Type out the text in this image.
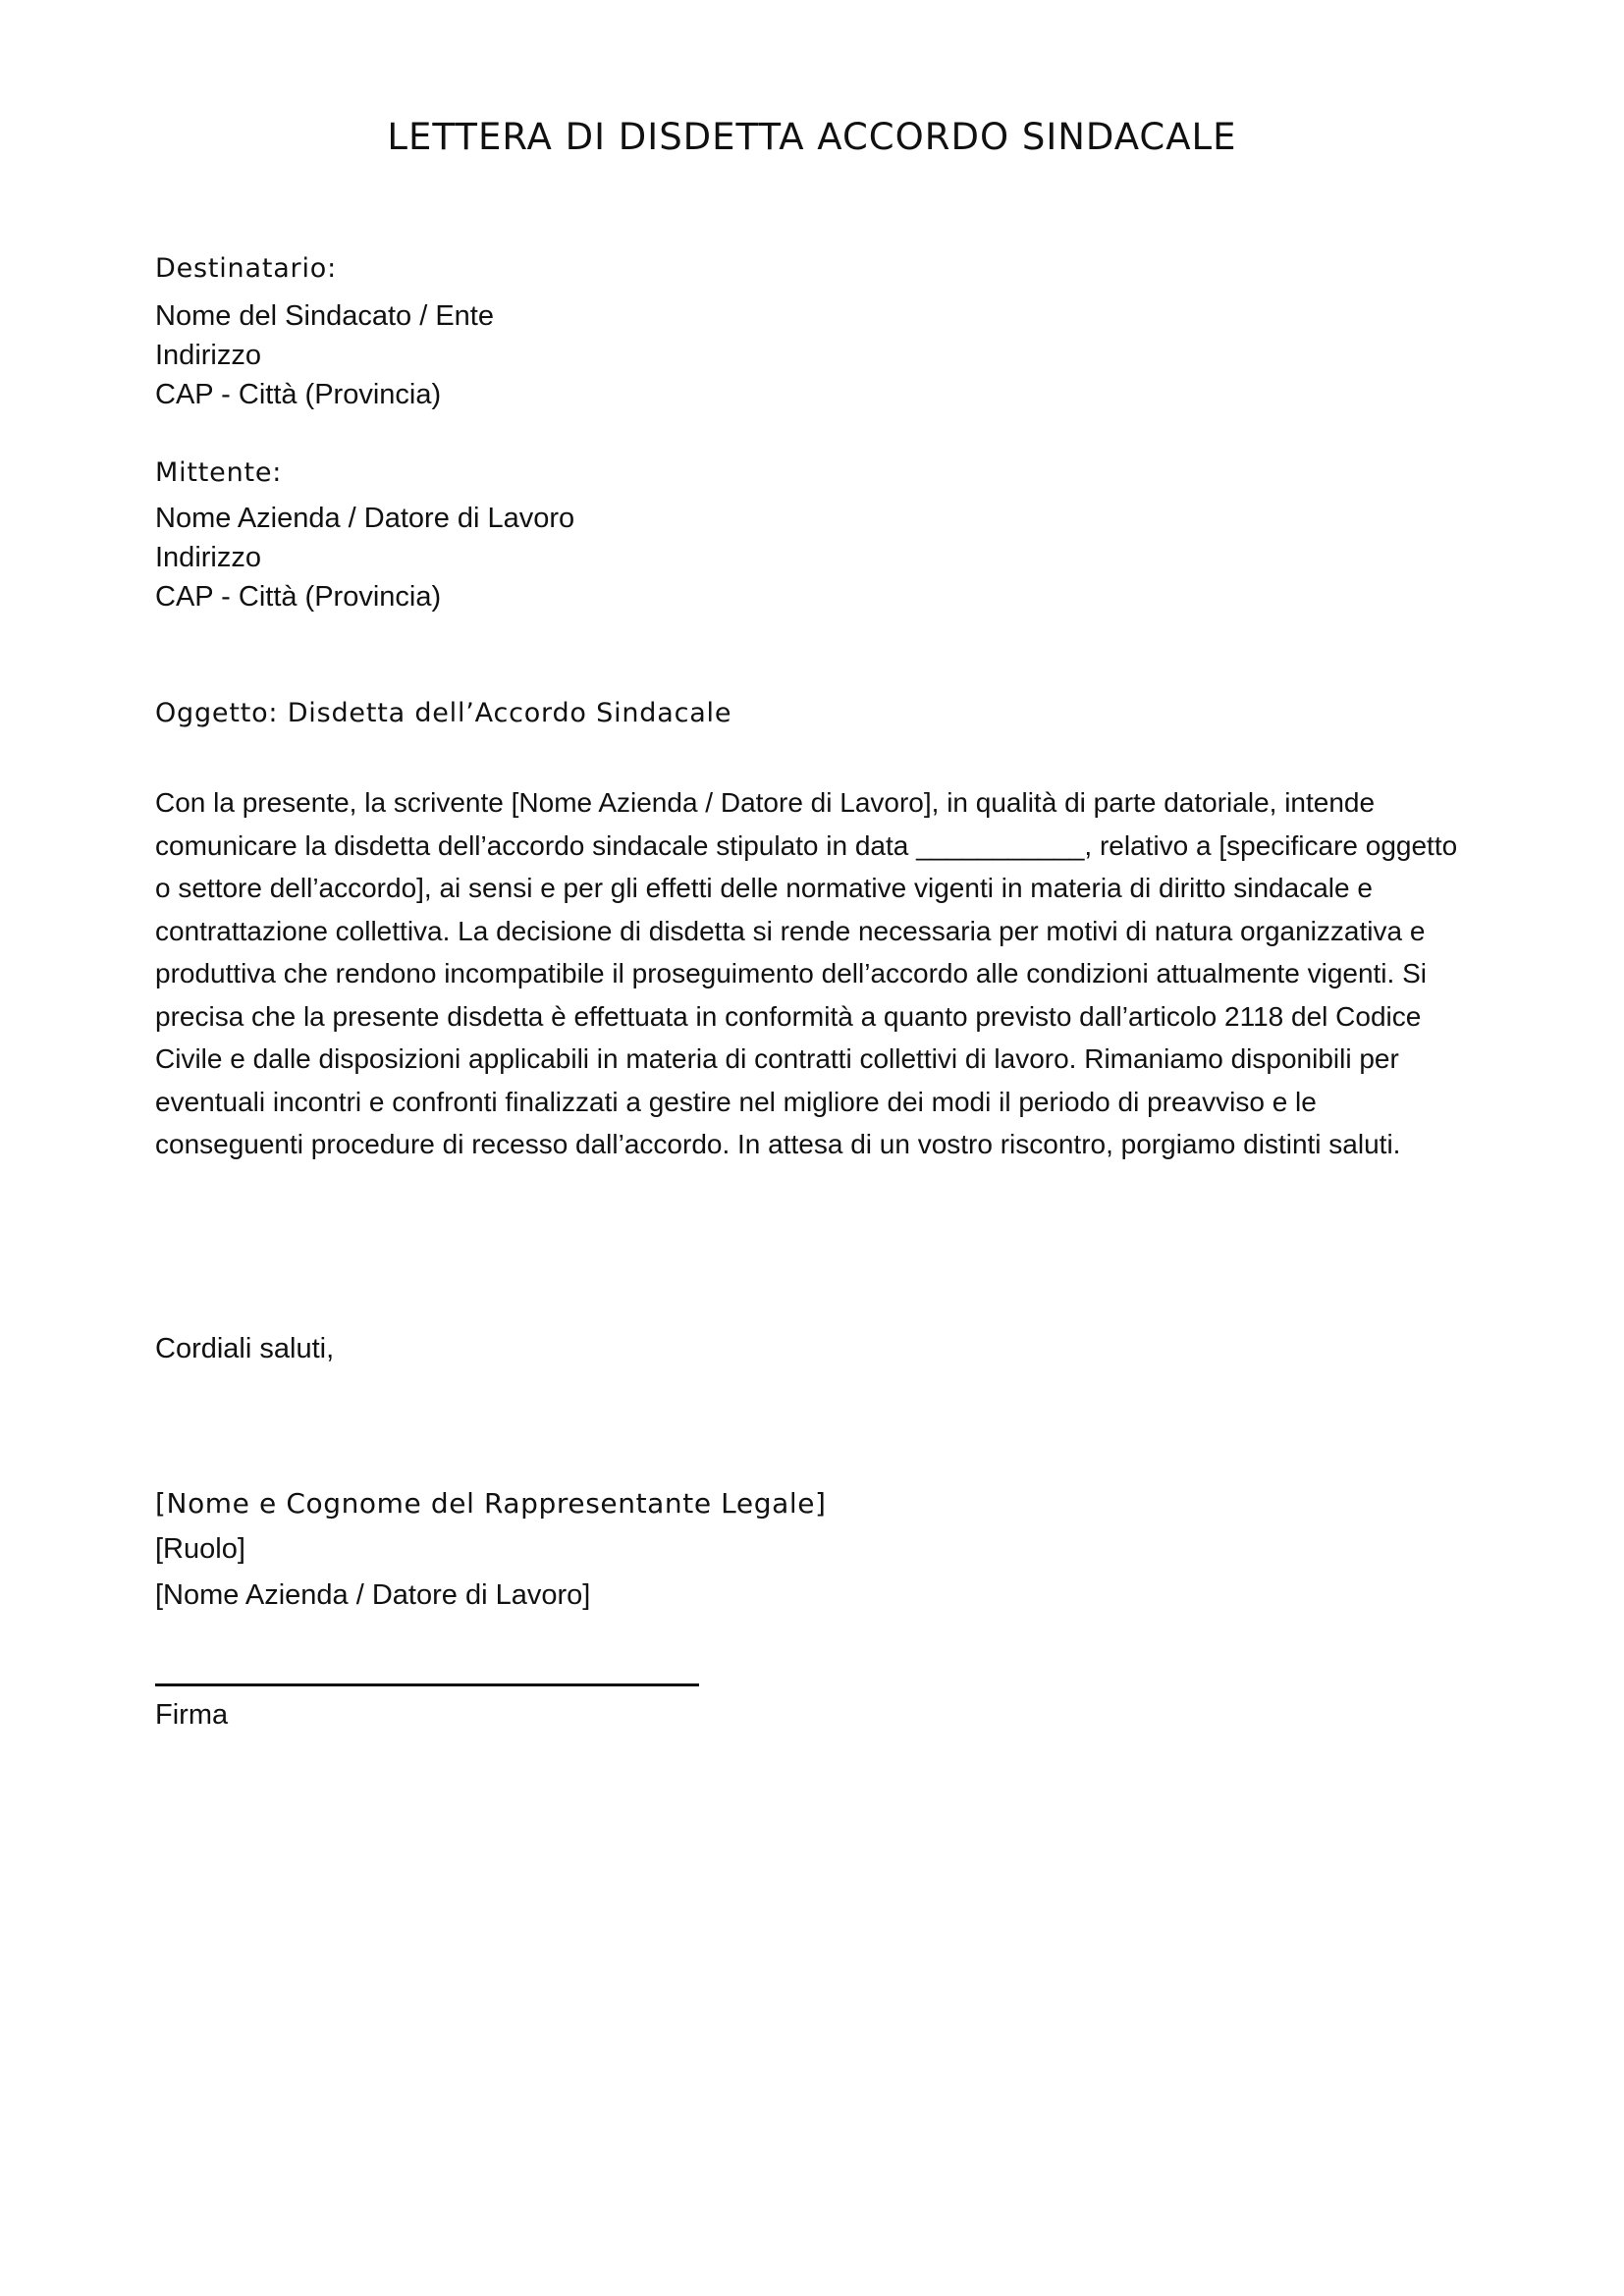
LETTERA DI DISDETTA ACCORDO SINDACALE
Destinatario:
Nome del Sindacato / Ente
Indirizzo
CAP - Città (Provincia)
Mittente:
Nome Azienda / Datore di Lavoro
Indirizzo
CAP - Città (Provincia)
Oggetto: Disdetta dell’Accordo Sindacale

Con la presente, la scrivente [Nome Azienda / Datore di Lavoro], in qualità di parte datoriale, intende comunicare la disdetta dell’accordo sindacale stipulato in data ___________, relativo a [specificare oggetto o settore dell’accordo], ai sensi e per gli effetti delle normative vigenti in materia di diritto sindacale e contrattazione collettiva. La decisione di disdetta si rende necessaria per motivi di natura organizzativa e produttiva che rendono incompatibile il proseguimento dell’accordo alle condizioni attualmente vigenti. Si precisa che la presente disdetta è effettuata in conformità a quanto previsto dall’articolo 2118 del Codice Civile e dalle disposizioni applicabili in materia di contratti collettivi di lavoro. Rimaniamo disponibili per eventuali incontri e confronti finalizzati a gestire nel migliore dei modi il periodo di preavviso e le conseguenti procedure di recesso dall’accordo. In attesa di un vostro riscontro, porgiamo distinti saluti.

Cordiali saluti,
[Nome e Cognome del Rappresentante Legale]
[Ruolo]
[Nome Azienda / Datore di Lavoro]
Firma
